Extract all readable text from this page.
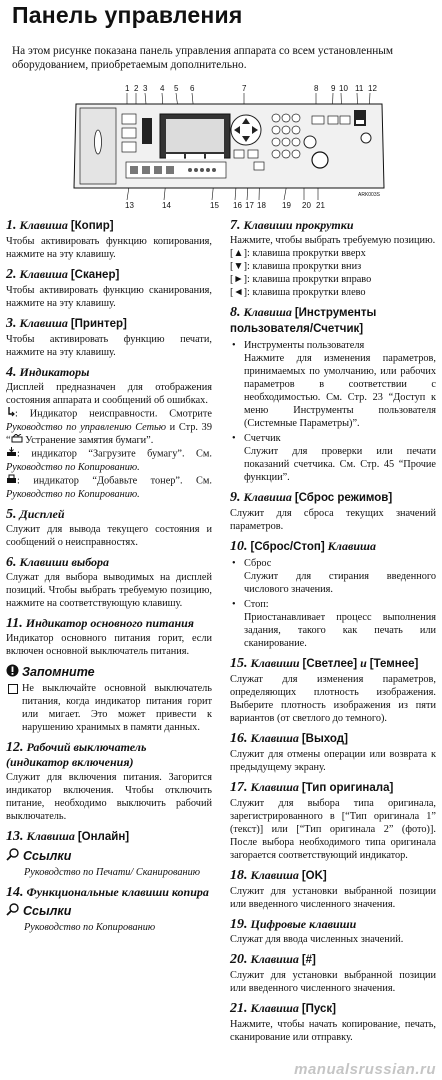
Панель управления
На этом рисунке показана панель управления аппарата со всем установленным оборудованием, приобретаемым дополнительно.
1 2 3 4 5 6	7	8 9 10 11 12
13	14	15 16 17 18 19 20 21
ARK003S
1. Клавиша [Копир]
Чтобы активировать функцию копирования, нажмите на эту клавишу.
2. Клавиша [Сканер]
Чтобы активировать функцию сканирования, нажмите на эту клавишу.
3. Клавиша [Принтер]
Чтобы активировать функцию печати, нажмите на эту клавишу.
4. Индикаторы
Дисплей предназначен для отображения состояния аппарата и сообщений об ошибках.
: Индикатор неисправности. Смотрите Руководство по управлению Сетью и Стр. 39 “ Устранение замятия бумаги”.
: индикатор “Загрузите бумагу”. См. Руководство по Копированию.
: индикатор “Добавьте тонер”. См. Руководство по Копированию.
5. Дисплей
Служит для вывода текущего состояния и сообщений о неисправностях.
6. Клавиши выбора
Служат для выбора выводимых на дисплей позиций. Чтобы выбрать требуемую позицию, нажмите на соответствующую клавишу.
11. Индикатор основного питания
Индикатор основного питания горит, если включен основной выключатель питания.
Запомните
Не выключайте основной выключатель питания, когда индикатор питания горит или мигает. Это может привести к нарушению хранимых в памяти данных.
12. Рабочий выключатель (индикатор включения)
Служит для включения питания. Загорится индикатор включения. Чтобы отключить питание, необходимо выключить рабочий выключатель.
13. Клавиша [Онлайн]
Ссылки
Руководство по Печати/ Сканированию
14. Функциональные клавиши копира
Ссылки
Руководство по Копированию
7. Клавиши прокрутки
Нажмите, чтобы выбрать требуемую позицию.
[▲]: клавиша прокрутки вверх
[▼]: клавиша прокрутки вниз
[►]: клавиша прокрутки вправо
[◄]: клавиша прокрутки влево
8. Клавиша [Инструменты пользователя/Счетчик]
• Инструменты пользователя
Нажмите для изменения параметров, принимаемых по умолчанию, или рабочих параметров в соответствии с необходимостью. См. Стр. 23 “Доступ к меню Инструменты пользователя (Системные Параметры)”.
• Счетчик
Служит для проверки или печати показаний счетчика. См. Стр. 45 “Прочие функции”.
9. Клавиша [Сброс режимов]
Служит для сброса текущих значений параметров.
10. [Сброс/Стоп] Клавиша
• Сброс
Служит для стирания введенного числового значения.
• Стоп:
Приостанавливает процесс выполнения задания, такого как печать или сканирование.
15. Клавиши [Светлее] и [Темнее]
Служат для изменения параметров, определяющих плотность изображения. Выберите плотность изображения из пяти вариантов (от светлого до темного).
16. Клавиша [Выход]
Служит для отмены операции или возврата к предыдущему экрану.
17. Клавиша [Тип оригинала]
Служит для выбора типа оригинала, зарегистрированного в [“Тип оригинала 1” (текст)] или [“Тип оригинала 2” (фото)]. После выбора необходимого типа оригинала загорается соответствующий индикатор.
18. Клавиша [OK]
Служит для установки выбранной позиции или введенного численного значения.
19. Цифровые клавиши
Служат для ввода численных значений.
20. Клавиша [#]
Служит для установки выбранной позиции или введенного численного значения.
21. Клавиша [Пуск]
Нажмите, чтобы начать копирование, печать, сканирование или отправку.
manualsrussian.ru
